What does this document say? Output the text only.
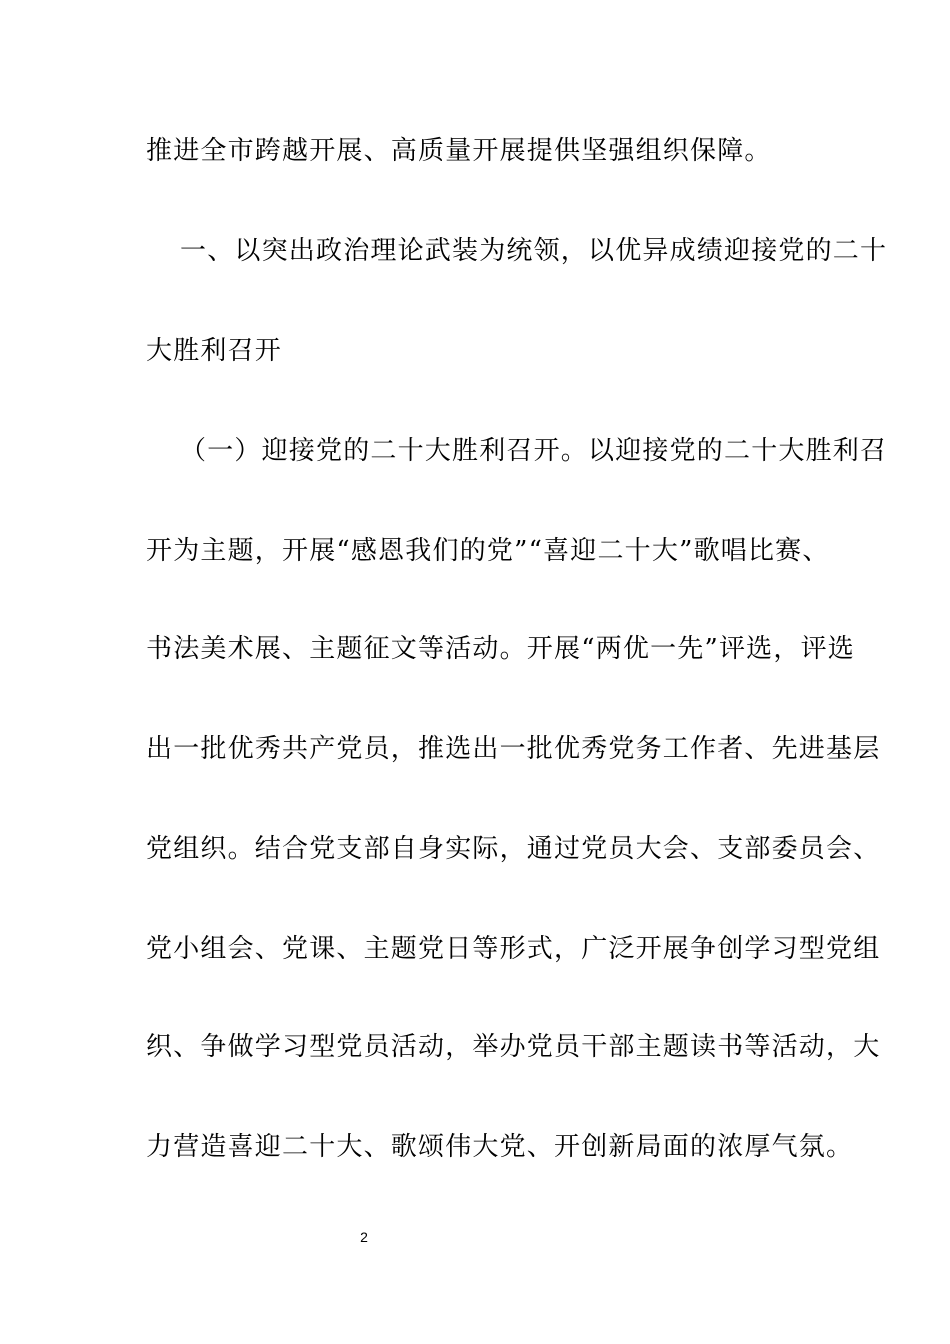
推进全市跨越开展、高质量开展提供坚强组织保障。
一、以突出政治理论武装为统领，以优异成绩迎接党的二十
大胜利召开
（一）迎接党的二十大胜利召开。以迎接党的二十大胜利召
开为主题，开展“感恩我们的党”“喜迎二十大”歌唱比赛、
书法美术展、主题征文等活动。开展“两优一先”评选，评选
出一批优秀共产党员，推选出一批优秀党务工作者、先进基层
党组织。结合党支部自身实际，通过党员大会、支部委员会、
党小组会、党课、主题党日等形式，广泛开展争创学习型党组
织、争做学习型党员活动，举办党员干部主题读书等活动，大
力营造喜迎二十大、歌颂伟大党、开创新局面的浓厚气氛。
2
